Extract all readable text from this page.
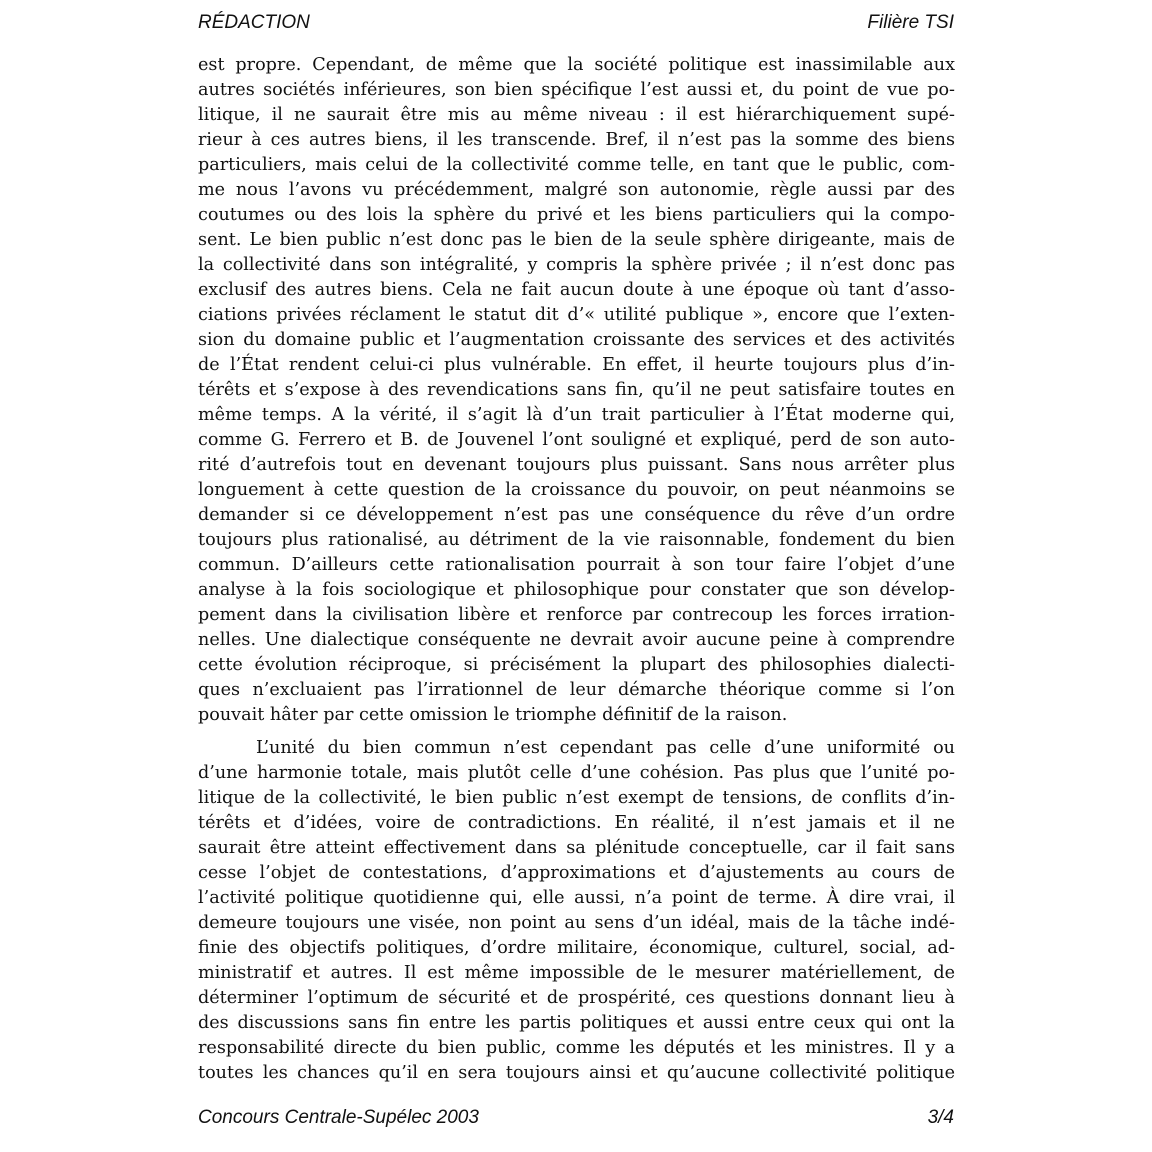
RÉDACTION	Filière TSI
est propre. Cependant, de même que la société politique est inassimilable aux
autres sociétés inférieures, son bien spécifique l’est aussi et, du point de vue po-
litique, il ne saurait être mis au même niveau : il est hiérarchiquement supé-
rieur à ces autres biens, il les transcende. Bref, il n’est pas la somme des biens
particuliers, mais celui de la collectivité comme telle, en tant que le public, com-
me nous l’avons vu précédemment, malgré son autonomie, règle aussi par des
coutumes ou des lois la sphère du privé et les biens particuliers qui la compo-
sent. Le bien public n’est donc pas le bien de la seule sphère dirigeante, mais de
la collectivité dans son intégralité, y compris la sphère privée ; il n’est donc pas
exclusif des autres biens. Cela ne fait aucun doute à une époque où tant d’asso-
ciations privées réclament le statut dit d’« utilité publique », encore que l’exten-
sion du domaine public et l’augmentation croissante des services et des activités
de l’État rendent celui-ci plus vulnérable. En effet, il heurte toujours plus d’in-
térêts et s’expose à des revendications sans fin, qu’il ne peut satisfaire toutes en
même temps. A la vérité, il s’agit là d’un trait particulier à l’État moderne qui,
comme G. Ferrero et B. de Jouvenel l’ont souligné et expliqué, perd de son auto-
rité d’autrefois tout en devenant toujours plus puissant. Sans nous arrêter plus
longuement à cette question de la croissance du pouvoir, on peut néanmoins se
demander si ce développement n’est pas une conséquence du rêve d’un ordre
toujours plus rationalisé, au détriment de la vie raisonnable, fondement du bien
commun. D’ailleurs cette rationalisation pourrait à son tour faire l’objet d’une
analyse à la fois sociologique et philosophique pour constater que son dévelop-
pement dans la civilisation libère et renforce par contrecoup les forces irration-
nelles. Une dialectique conséquente ne devrait avoir aucune peine à comprendre
cette évolution réciproque, si précisément la plupart des philosophies dialecti-
ques n’excluaient pas l’irrationnel de leur démarche théorique comme si l’on
pouvait hâter par cette omission le triomphe définitif de la raison.
L’unité du bien commun n’est cependant pas celle d’une uniformité ou
d’une harmonie totale, mais plutôt celle d’une cohésion. Pas plus que l’unité po-
litique de la collectivité, le bien public n’est exempt de tensions, de conflits d’in-
térêts et d’idées, voire de contradictions. En réalité, il n’est jamais et il ne
saurait être atteint effectivement dans sa plénitude conceptuelle, car il fait sans
cesse l’objet de contestations, d’approximations et d’ajustements au cours de
l’activité politique quotidienne qui, elle aussi, n’a point de terme. À dire vrai, il
demeure toujours une visée, non point au sens d’un idéal, mais de la tâche indé-
finie des objectifs politiques, d’ordre militaire, économique, culturel, social, ad-
ministratif et autres. Il est même impossible de le mesurer matériellement, de
déterminer l’optimum de sécurité et de prospérité, ces questions donnant lieu à
des discussions sans fin entre les partis politiques et aussi entre ceux qui ont la
responsabilité directe du bien public, comme les députés et les ministres. Il y a
toutes les chances qu’il en sera toujours ainsi et qu’aucune collectivité politique
Concours Centrale-Supélec 2003	3/4
